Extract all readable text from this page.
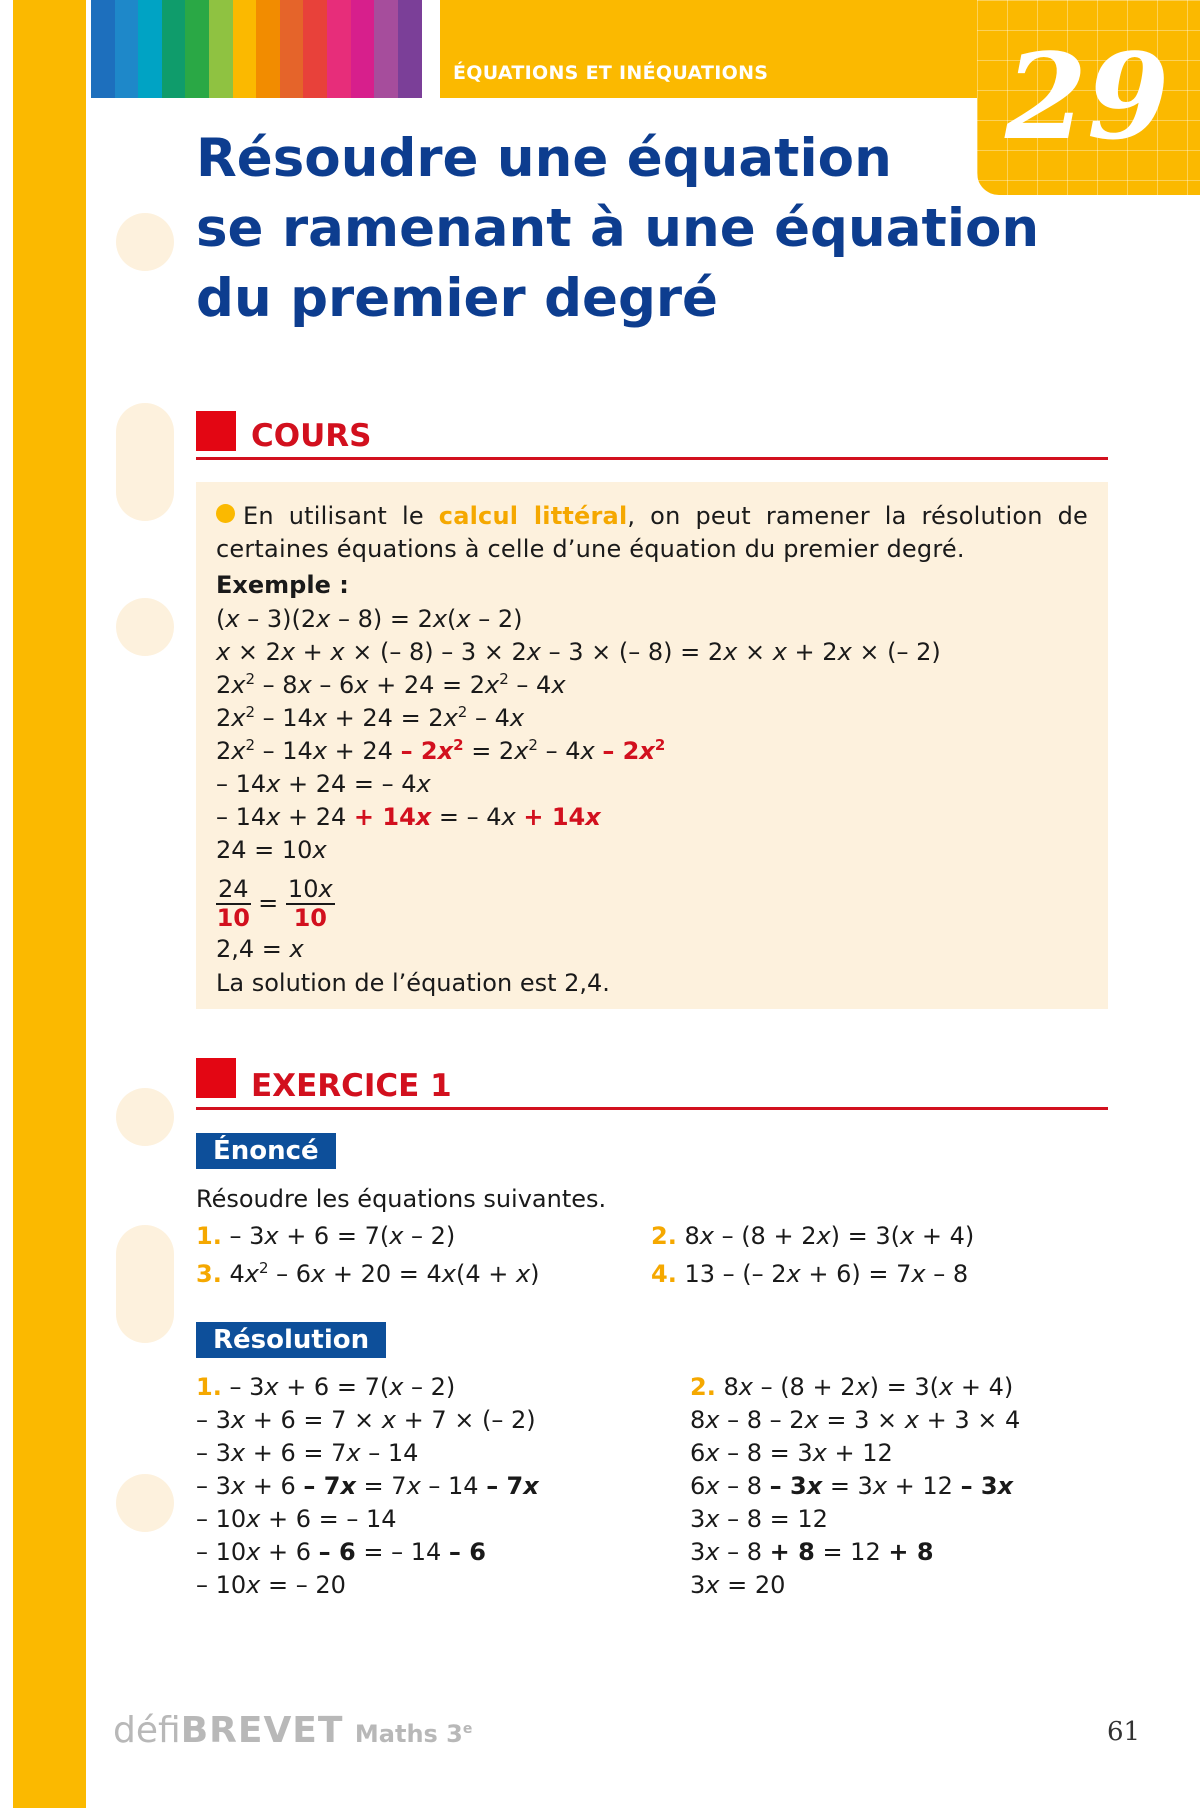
ÉQUATIONS ET INÉQUATIONS 29
Résoudre une équation
se ramenant à une équation
du premier degré
COURS
En utilisant le calcul littéral, on peut ramener la résolution de certaines équations à celle d’une équation du premier degré.
Exemple :
(x – 3)(2x – 8) = 2x(x – 2)
x × 2x + x × (– 8) – 3 × 2x – 3 × (– 8) = 2x × x + 2x × (– 2)
$2x^2 - 8x - 6x + 24 = 2x^2 - 4x$
$2x^2 - 14x + 24 = 2x^2 - 4x$
$2x^2 - 14x + 24 - 2x^2 = 2x^2 - 4x - 2x^2$
– 14x + 24 = – 4x
– 14x + 24 + 14x = – 4x + 14x
24 = 10x
$\frac{24}{10} = \frac{10x}{10}$
2,4 = x
La solution de l’équation est 2,4.
EXERCICE 1
Énoncé
Résoudre les équations suivantes.
1. – 3x + 6 = 7(x – 2)	2. 8x – (8 + 2x) = 3(x + 4)
3. $4x^2 - 6x + 20 = 4x(4 + x)$	4. 13 – (– 2x + 6) = 7x – 8
Résolution
1. – 3x + 6 = 7(x – 2)
– 3x + 6 = 7 × x + 7 × (– 2)
– 3x + 6 = 7x – 14
– 3x + 6 – 7x = 7x – 14 – 7x
– 10x + 6 = – 14
– 10x + 6 – 6 = – 14 – 6
– 10x = – 20
2. 8x – (8 + 2x) = 3(x + 4)
8x – 8 – 2x = 3 × x + 3 × 4
6x – 8 = 3x + 12
6x – 8 – 3x = 3x + 12 – 3x
3x – 8 = 12
3x – 8 + 8 = 12 + 8
3x = 20
défiBREVET Maths 3e	61
